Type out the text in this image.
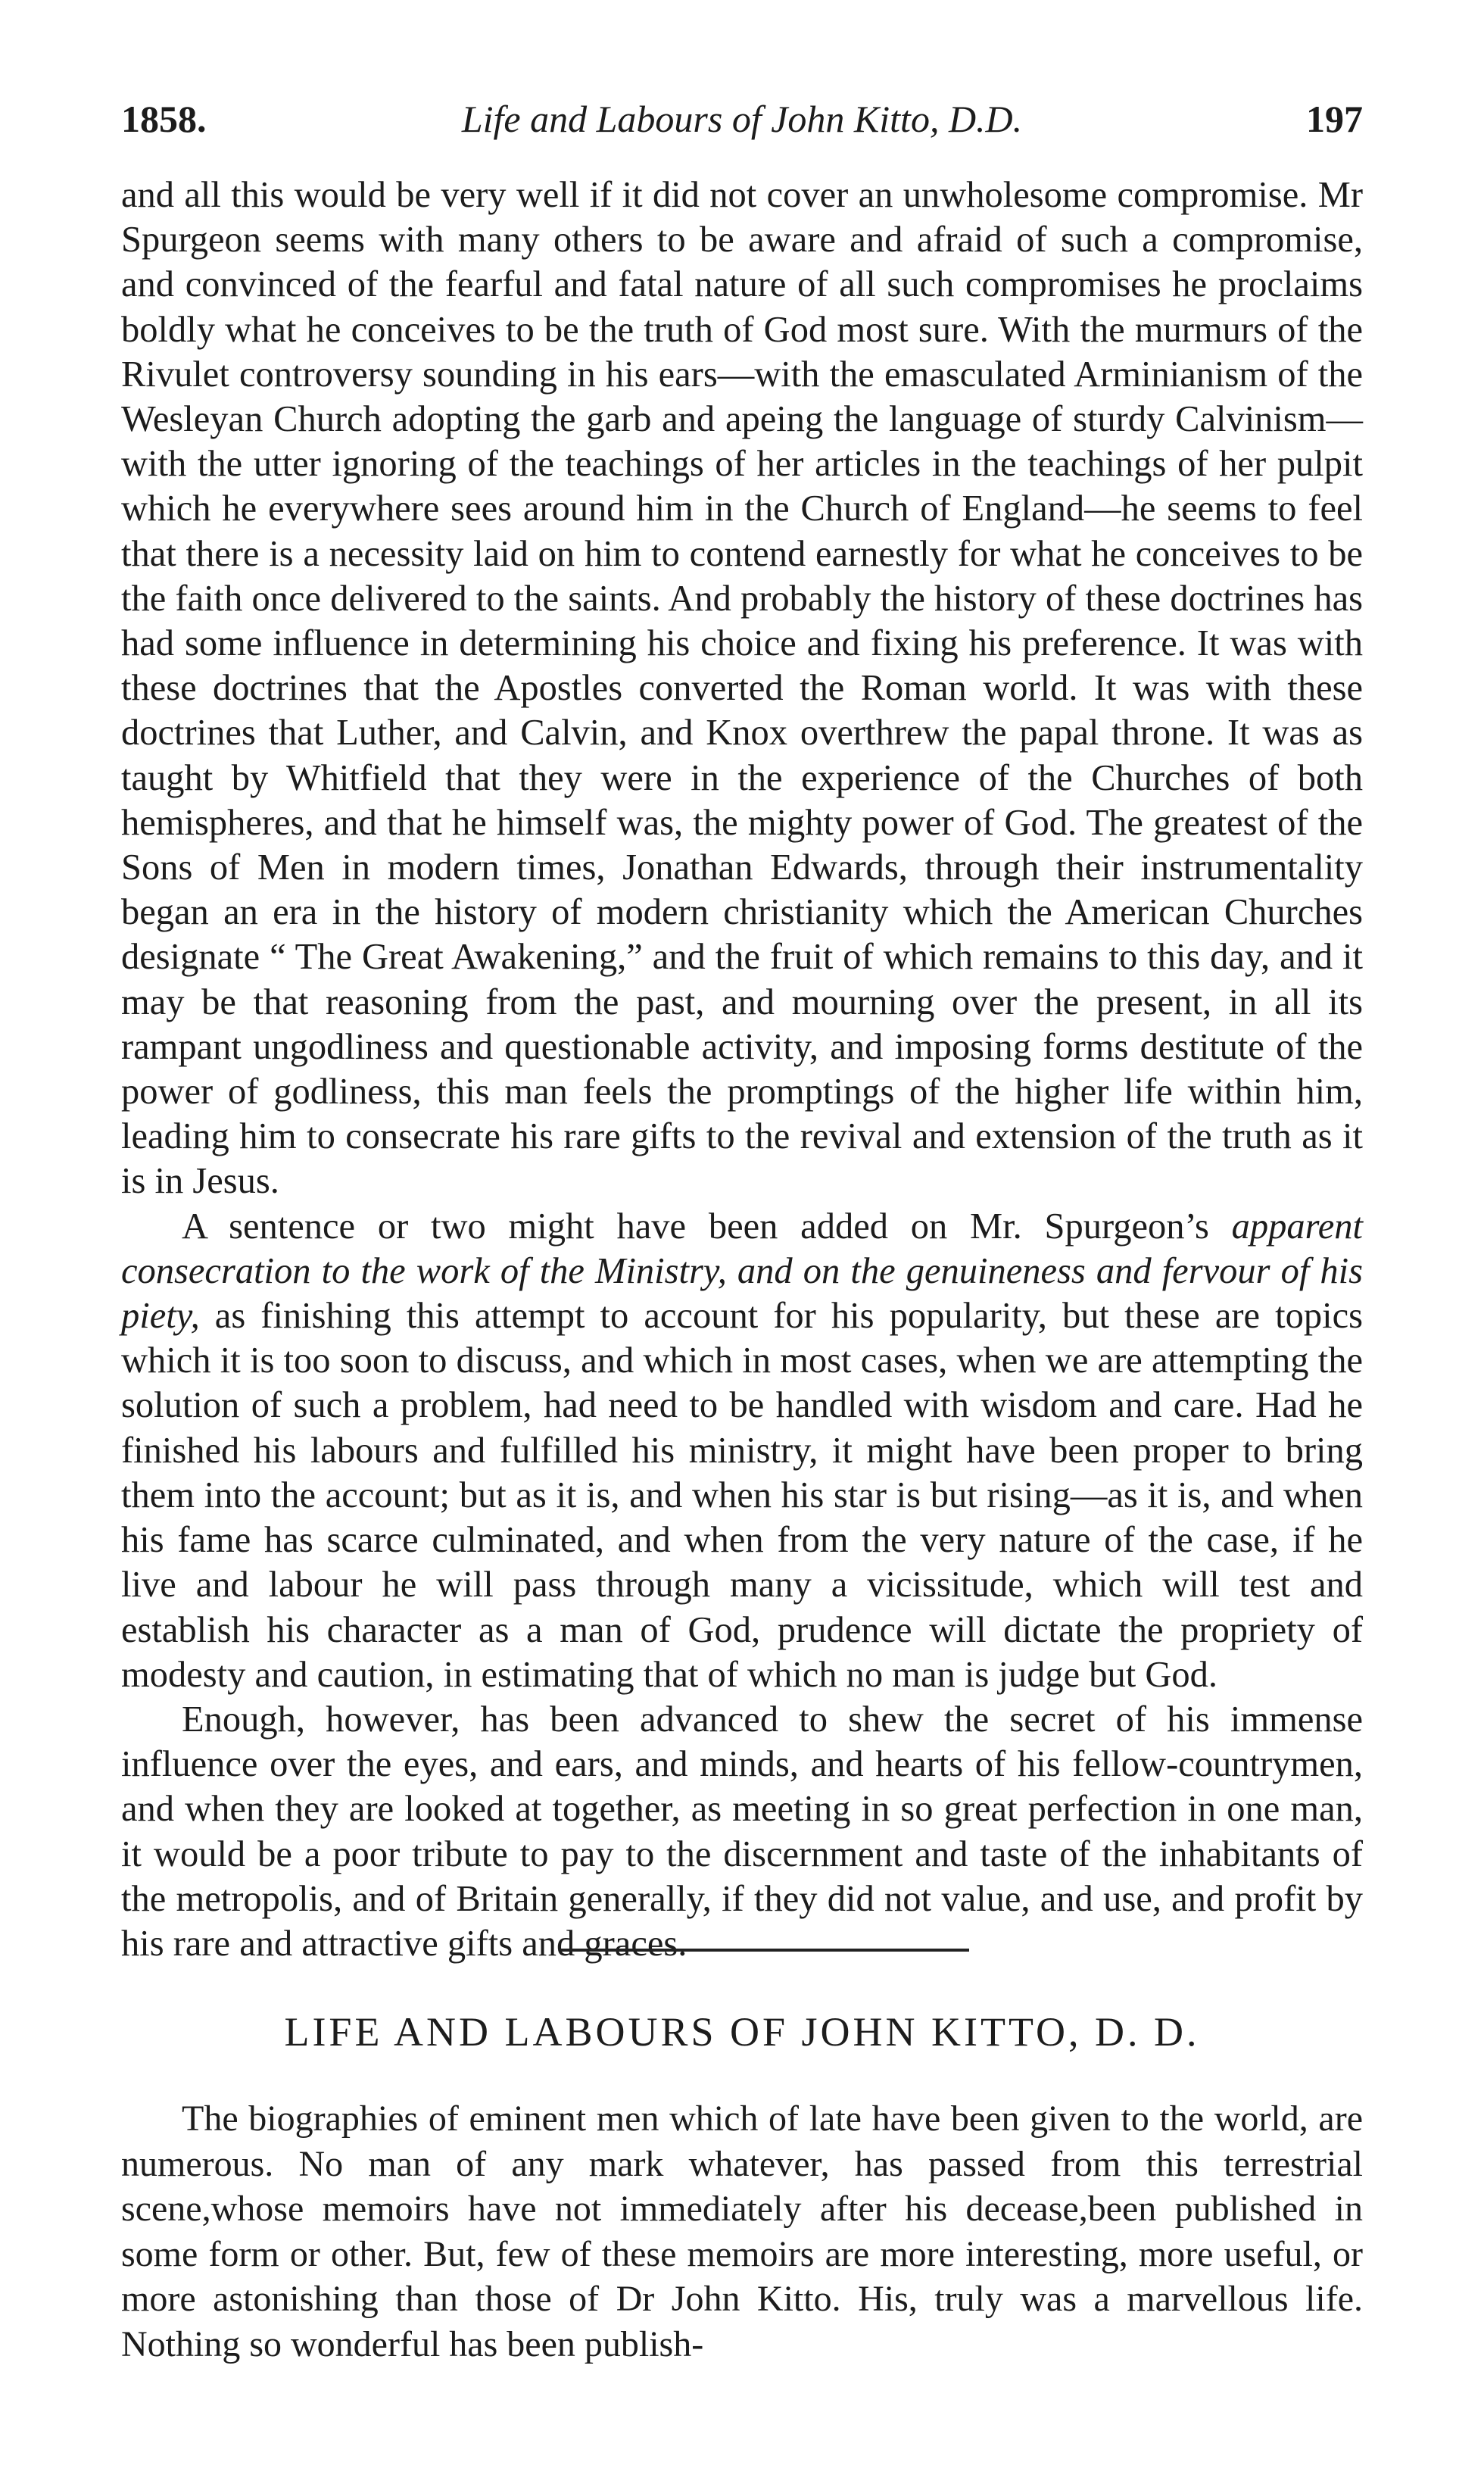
1858.	Life and Labours of John Kitto, D.D.	197

and all this would be very well if it did not cover an unwholesome compromise. Mr Spurgeon seems with many others to be aware and afraid of such a compromise, and convinced of the fearful and fatal nature of all such compromises he proclaims boldly what he conceives to be the truth of God most sure. With the murmurs of the Rivulet controversy sounding in his ears—with the emasculated Arminianism of the Wesleyan Church adopting the garb and apeing the language of sturdy Calvinism—with the utter ignoring of the teachings of her articles in the teachings of her pulpit which he everywhere sees around him in the Church of England—he seems to feel that there is a necessity laid on him to contend earnestly for what he conceives to be the faith once delivered to the saints. And probably the history of these doctrines has had some influence in determining his choice and fixing his preference. It was with these doctrines that the Apostles converted the Roman world. It was with these doctrines that Luther, and Calvin, and Knox overthrew the papal throne. It was as taught by Whitfield that they were in the experience of the Churches of both hemispheres, and that he himself was, the mighty power of God. The greatest of the Sons of Men in modern times, Jonathan Edwards, through their instrumentality began an era in the history of modern christianity which the American Churches designate “ The Great Awakening,” and the fruit of which remains to this day, and it may be that reasoning from the past, and mourning over the present, in all its rampant ungodliness and questionable activity, and imposing forms destitute of the power of godliness, this man feels the promptings of the higher life within him, leading him to consecrate his rare gifts to the revival and extension of the truth as it is in Jesus.

A sentence or two might have been added on Mr. Spurgeon’s apparent consecration to the work of the Ministry, and on the genuineness and fervour of his piety, as finishing this attempt to account for his popularity, but these are topics which it is too soon to discuss, and which in most cases, when we are attempting the solution of such a problem, had need to be handled with wisdom and care. Had he finished his labours and fulfilled his ministry, it might have been proper to bring them into the account; but as it is, and when his star is but rising—as it is, and when his fame has scarce culminated, and when from the very nature of the case, if he live and labour he will pass through many a vicissitude, which will test and establish his character as a man of God, prudence will dictate the propriety of modesty and caution, in estimating that of which no man is judge but God.

Enough, however, has been advanced to shew the secret of his immense influence over the eyes, and ears, and minds, and hearts of his fellow-countrymen, and when they are looked at together, as meeting in so great perfection in one man, it would be a poor tribute to pay to the discernment and taste of the inhabitants of the metropolis, and of Britain generally, if they did not value, and use, and profit by his rare and attractive gifts and graces.

LIFE AND LABOURS OF JOHN KITTO, D. D.

The biographies of eminent men which of late have been given to the world, are numerous. No man of any mark whatever, has passed from this terrestrial scene,whose memoirs have not immediately after his decease,been published in some form or other. But, few of these memoirs are more interesting, more useful, or more astonishing than those of Dr John Kitto. His, truly was a marvellous life. Nothing so wonderful has been publish-
